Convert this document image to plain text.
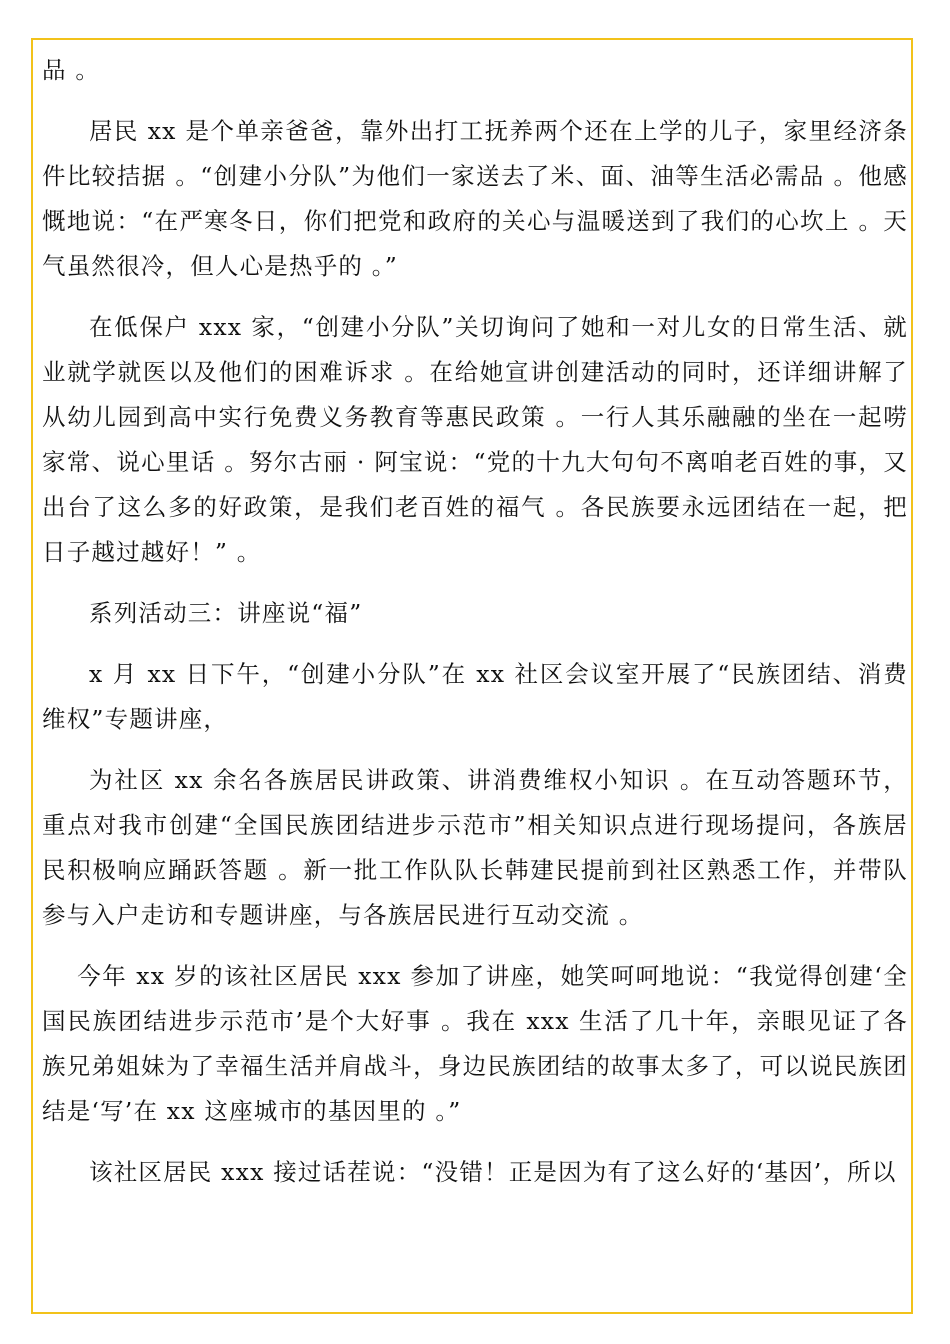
品 。

居民 xx 是个单亲爸爸，靠外出打工抚养两个还在上学的儿子，家里经济条件比较拮据 。“创建小分队”为他们一家送去了米、面、油等生活必需品 。他感慨地说：“在严寒冬日，你们把党和政府的关心与温暖送到了我们的心坎上 。天气虽然很冷，但人心是热乎的 。”

在低保户 xxx 家，“创建小分队”关切询问了她和一对儿女的日常生活、就业就学就医以及他们的困难诉求 。在给她宣讲创建活动的同时，还详细讲解了从幼儿园到高中实行免费义务教育等惠民政策 。一行人其乐融融的坐在一起唠家常、说心里话 。努尔古丽 · 阿宝说：“党的十九大句句不离咱老百姓的事，又出台了这么多的好政策，是我们老百姓的福气 。各民族要永远团结在一起，把日子越过越好！” 。

系列活动三：讲座说“福”

x 月 xx 日下午，“创建小分队”在 xx 社区会议室开展了“民族团结、消费维权”专题讲座，

为社区 xx 余名各族居民讲政策、讲消费维权小知识 。在互动答题环节，重点对我市创建“全国民族团结进步示范市”相关知识点进行现场提问，各族居民积极响应踊跃答题 。新一批工作队队长韩建民提前到社区熟悉工作，并带队参与入户走访和专题讲座，与各族居民进行互动交流 。

今年 xx 岁的该社区居民 xxx 参加了讲座，她笑呵呵地说：“我觉得创建‘全国民族团结进步示范市’是个大好事 。我在 xxx 生活了几十年，亲眼见证了各族兄弟姐妹为了幸福生活并肩战斗，身边民族团结的故事太多了，可以说民族团结是‘写’在 xx 这座城市的基因里的 。”

该社区居民 xxx 接过话茬说：“没错！正是因为有了这么好的‘基因’，所以
